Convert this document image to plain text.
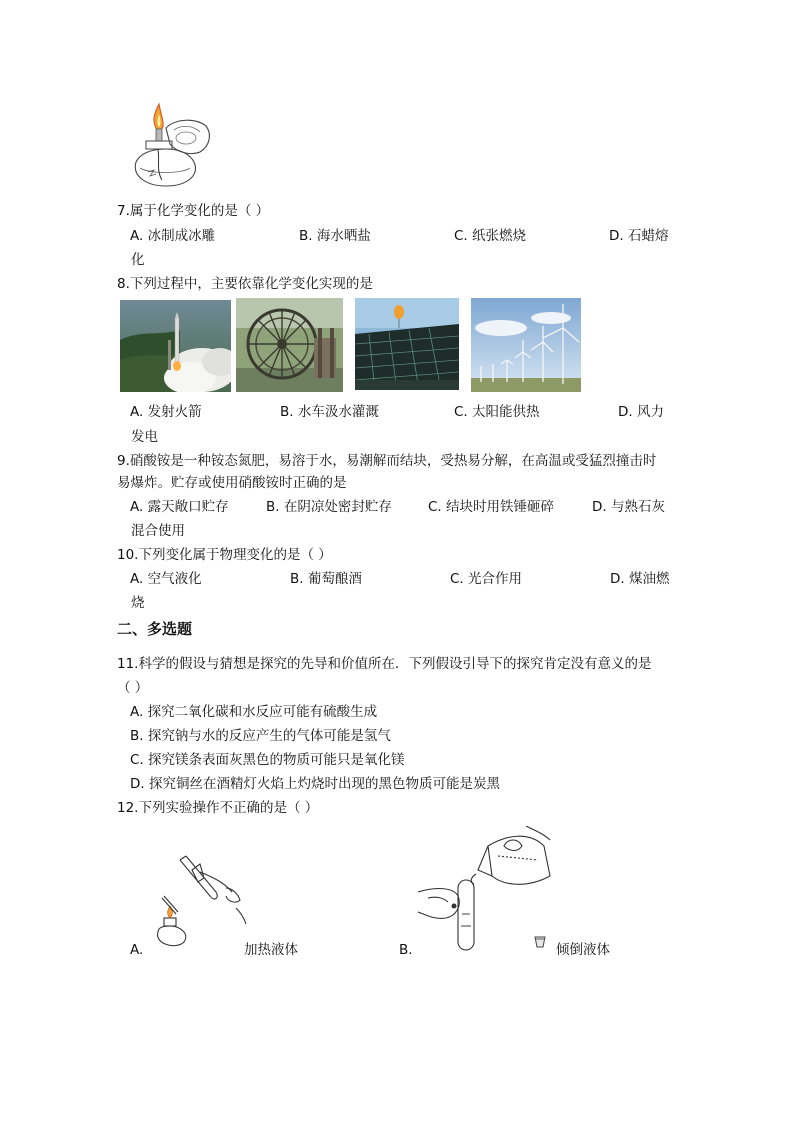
7.属于化学变化的是（ ）
A. 冰制成冰雕	B. 海水晒盐	C. 纸张燃烧	D. 石蜡熔
化
8.下列过程中，主要依靠化学变化实现的是
A. 发射火箭	B. 水车汲水灌溉	C. 太阳能供热	D. 风力
发电
9.硝酸铵是一种铵态氮肥，易溶于水，易潮解而结块，受热易分解，在高温或受猛烈撞击时
易爆炸。贮存或使用硝酸铵时正确的是
A. 露天敞口贮存	B. 在阴凉处密封贮存	C. 结块时用铁锤砸碎	D. 与熟石灰
混合使用
10.下列变化属于物理变化的是（ ）
A. 空气液化	B. 葡萄酿酒	C. 光合作用	D. 煤油燃
烧
二、多选题
11.科学的假设与猜想是探究的先导和价值所在．下列假设引导下的探究肯定没有意义的是
（ ）
A. 探究二氧化碳和水反应可能有硫酸生成
B. 探究钠与水的反应产生的气体可能是氢气
C. 探究镁条表面灰黑色的物质可能只是氧化镁
D. 探究铜丝在酒精灯火焰上灼烧时出现的黑色物质可能是炭黑
12.下列实验操作不正确的是（ ）
A.	加热液体	B.	倾倒液体
